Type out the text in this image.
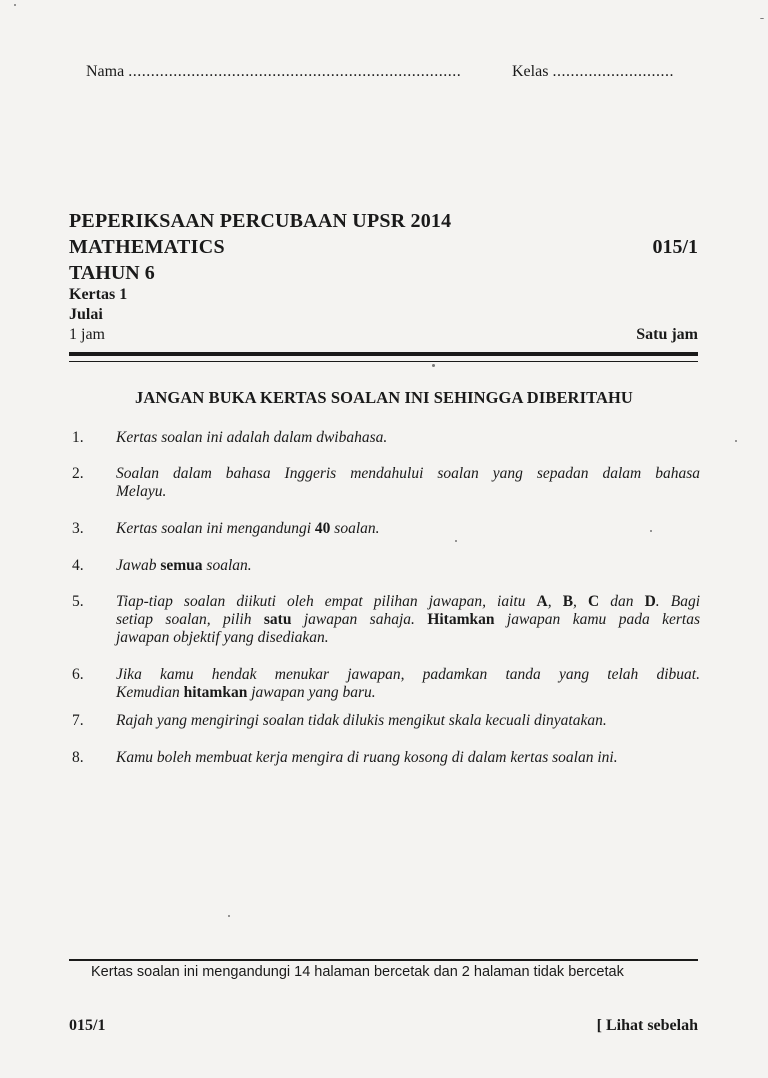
Nama ..........................................................................	Kelas ...........................
PEPERIKSAAN PERCUBAAN UPSR 2014
MATHEMATICS
TAHUN 6
Kertas 1
Julai
1 jam
015/1
Satu jam
JANGAN BUKA KERTAS SOALAN INI SEHINGGA DIBERITAHU
1. Kertas soalan ini adalah dalam dwibahasa.
2. Soalan dalam bahasa Inggeris mendahului soalan yang sepadan dalam bahasa
Melayu.
3. Kertas soalan ini mengandungi 40 soalan.
4. Jawab semua soalan.
5. Tiap-tiap soalan diikuti oleh empat pilihan jawapan, iaitu A, B, C dan D. Bagi
setiap soalan, pilih satu jawapan sahaja. Hitamkan jawapan kamu pada kertas
jawapan objektif yang disediakan.
6. Jika kamu hendak menukar jawapan, padamkan tanda yang telah dibuat.
Kemudian hitamkan jawapan yang baru.
7. Rajah yang mengiringi soalan tidak dilukis mengikut skala kecuali dinyatakan.
8. Kamu boleh membuat kerja mengira di ruang kosong di dalam kertas soalan ini.
Kertas soalan ini mengandungi 14 halaman bercetak dan 2 halaman tidak bercetak
015/1	[ Lihat sebelah
